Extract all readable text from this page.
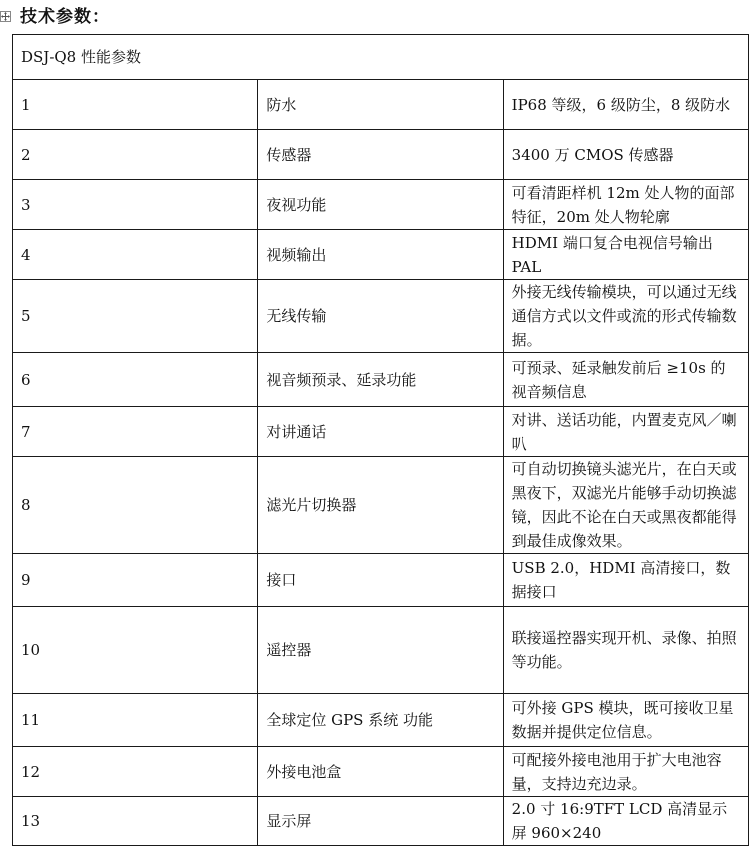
技术参数：
DSJ-Q8 性能参数		
1	防水	IP68 等级，6 级防尘，8 级防水
2	传感器	3400 万 CMOS 传感器
3	夜视功能	可看清距样机 12m 处人物的面部特征，20m 处人物轮廓
4	视频输出	HDMI 端口复合电视信号输出 PAL
5	无线传输	外接无线传输模块，可以通过无线通信方式以文件或流的形式传输数据。
6	视音频预录、延录功能	可预录、延录触发前后 ≥10s 的视音频信息
7	对讲通话	对讲、送话功能，内置麦克风／喇叭
8	滤光片切换器	可自动切换镜头滤光片，在白天或黑夜下，双滤光片能够手动切换滤镜，因此不论在白天或黑夜都能得到最佳成像效果。
9	接口	USB 2.0，HDMI 高清接口，数据接口
10	遥控器	联接遥控器实现开机、录像、拍照等功能。
11	全球定位 GPS 系统 功能	可外接 GPS 模块，既可接收卫星数据并提供定位信息。
12	外接电池盒	可配接外接电池用于扩大电池容量，支持边充边录。
13	显示屏	2.0 寸 16:9TFT LCD 高清显示屏 960×240
